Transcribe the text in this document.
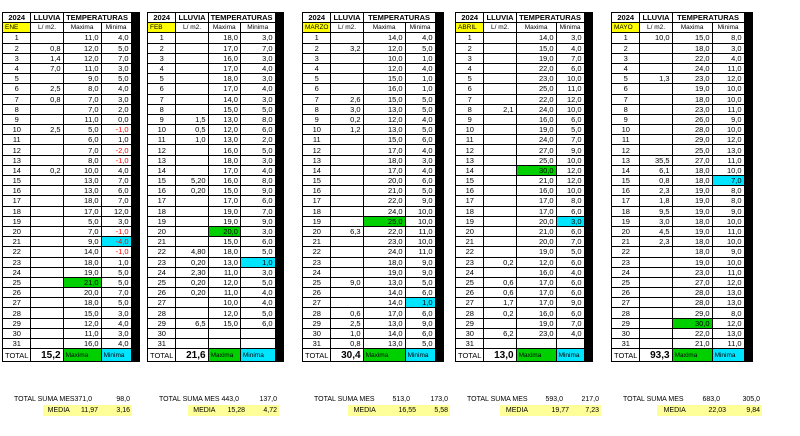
2024	LLUVIA	TEMPERATURAS		
ENE	L/ m2.	Maxima	Minima	
1		11,0	4,0	
2	0,8	12,0	5,0	
3	1,4	12,0	7,0	
4	7,0	11,0	3,0	
5		9,0	5,0	
6	2,5	8,0	4,0	
7	0,8	7,0	3,0	
8		7,0	2,0	
9		11,0	0,0	
10	2,5	5,0	-1,0	
11		6,0	1,0	
12		7,0	-2,0	
13		8,0	-1,0	
14	0,2	10,0	4,0	
15		13,0	7,0	
16		13,0	6,0	
17		18,0	7,0	
18		17,0	12,0	
19		5,0	3,0	
20		7,0	-1,0	
21		9,0	-4,0	
22		14,0	-1,0	
23		18,0	1,0	
24		19,0	5,0	
25		21,0	5,0	
26		20,0	7,0	
27		18,0	5,0	
28		15,0	3,0	
29		12,0	4,0	
30		11,0	3,0	
31		16,0	4,0	
TOTAL	15,2	Maxima	Minima	
TOTAL SUMA MES 371,0	98,0
MEDIA 11,97	3,16
2024	LLUVIA	TEMPERATURAS		
FEB	L/ m2.	Maxima	Minima	
1		18,0	3,0	
2		17,0	7,0	
3		16,0	3,0	
4		17,0	4,0	
5		18,0	3,0	
6		17,0	4,0	
7		14,0	3,0	
8		15,0	5,0	
9	1,5	13,0	8,0	
10	0,5	12,0	6,0	
11	1,0	13,0	2,0	
12		16,0	5,0	
13		18,0	3,0	
14		17,0	4,0	
15	5,20	16,0	8,0	
16	0,20	15,0	9,0	
17		17,0	6,0	
18		19,0	7,0	
19		19,0	9,0	
20		20,0	3,0	
21		15,0	6,0	
22	4,80	18,0	5,0	
23	0,20	13,0	1,0	
24	2,30	11,0	3,0	
25	0,20	12,0	5,0	
26	0,20	11,0	4,0	
27		10,0	4,0	
28		12,0	5,0	
29	6,5	15,0	6,0	
30				
31				
TOTAL	21,6	Maxima	Minima	
TOTAL SUMA MES 443,0	137,0
MEDIA 15,28	4,72
2024	LLUVIA	TEMPERATURAS		
MARZO	L/ m2.	Maxima	Minima	
1		14,0	4,0	
2	3,2	12,0	5,0	
3		10,0	1,0	
4		12,0	4,0	
5		15,0	1,0	
6		16,0	1,0	
7	2,6	15,0	5,0	
8	3,0	13,0	5,0	
9	0,2	12,0	4,0	
10	1,2	13,0	5,0	
11		15,0	6,0	
12		17,0	4,0	
13		18,0	3,0	
14		17,0	4,0	
15		20,0	6,0	
16		21,0	5,0	
17		22,0	9,0	
18		24,0	10,0	
19		25,0	10,0	
20	6,3	22,0	11,0	
21		23,0	10,0	
22		24,0	11,0	
23		18,0	9,0	
24		19,0	9,0	
25	9,0	13,0	5,0	
26		14,0	6,0	
27		14,0	1,0	
28	0,6	17,0	6,0	
29	2,5	13,0	9,0	
30	1,0	14,0	6,0	
31	0,8	13,0	5,0	
TOTAL	30,4	Maxima	Minima	
TOTAL SUMA MES	513,0	173,0
MEDIA	16,55	5,58
2024	LLUVIA	TEMPERATURAS		
ABRIL	L/ m2.	Maxima	Minima	
1		14,0	3,0	
2		15,0	4,0	
3		19,0	7,0	
4		22,0	6,0	
5		23,0	10,0	
6		25,0	11,0	
7		22,0	12,0	
8	2,1	24,0	10,0	
9		16,0	6,0	
10		19,0	5,0	
11		24,0	7,0	
12		27,0	9,0	
13		25,0	10,0	
14		30,0	12,0	
15		21,0	12,0	
16		16,0	10,0	
17		17,0	8,0	
18		17,0	6,0	
19		20,0	3,0	
20		21,0	6,0	
21		20,0	7,0	
22		19,0	5,0	
23	0,2	12,0	6,0	
24		16,0	4,0	
25	0,6	17,0	6,0	
26	0,6	17,0	6,0	
27	1,7	17,0	9,0	
28	0,2	16,0	6,0	
29		19,0	7,0	
30	6,2	23,0	4,0	
31				
TOTAL	13,0	Maxima	Minima	
TOTAL SUMA MES	593,0	217,0
MEDIA	19,77 7,23
2024	LLUVIA	TEMPERATURAS		
MAYO	L/ m2.	Maxima	Minima	
1	10,0	15,0	8,0	
2		18,0	3,0	
3		22,0	4,0	
4		24,0	11,0	
5	1,3	23,0	12,0	
6		19,0	10,0	
7		18,0	10,0	
8		23,0	11,0	
9		26,0	9,0	
10		28,0	10,0	
11		29,0	12,0	
12		25,0	13,0	
13	35,5	27,0	11,0	
14	6,1	18,0	10,0	
15	0,8	18,0	7,0	
16	2,3	19,0	8,0	
17	1,8	19,0	8,0	
18	9,5	19,0	9,0	
19	3,0	18,0	10,0	
20	4,5	19,0	11,0	
21	2,3	18,0	10,0	
22		18,0	9,0	
23		19,0	10,0	
24		23,0	11,0	
25		27,0	12,0	
26		28,0	13,0	
27		28,0	13,0	
28		29,0	8,0	
29		30,0	12,0	
30		22,0	13,0	
31		21,0	11,0	
TOTAL	93,3	Maxima	Minima	
TOTAL SUMA MES	683,0	305,0
MEDIA	22,03	9,84
